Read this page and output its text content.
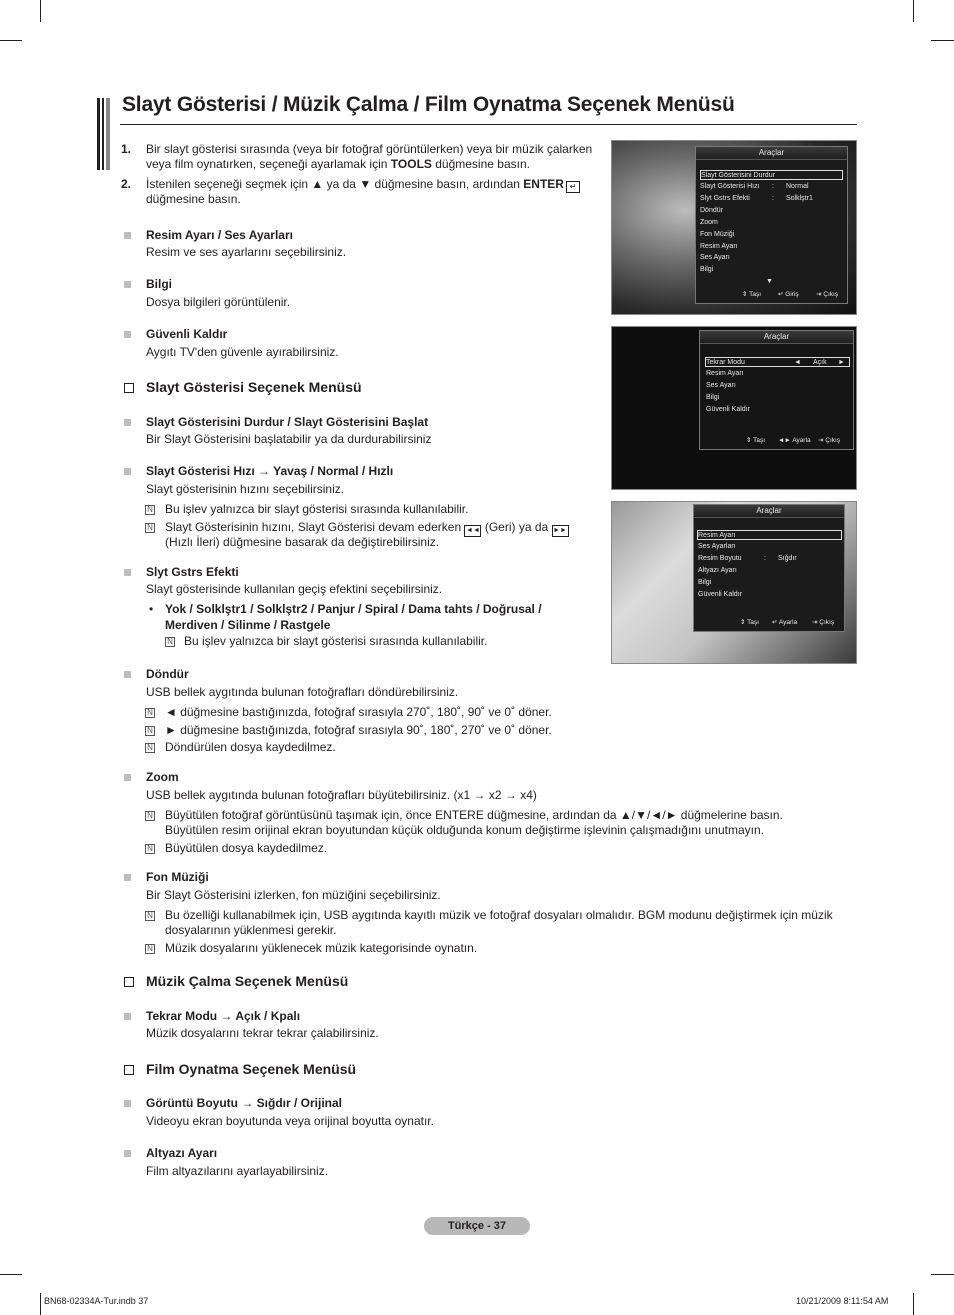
Slayt Gösterisi / Müzik Çalma / Film Oynatma Seçenek Menüsü
1. Bir slayt gösterisi sırasında (veya bir fotoğraf görüntülerken) veya bir müzik çalarken
veya film oynatırken, seçeneği ayarlamak için TOOLS düğmesine basın.
2. İstenilen seçeneği seçmek için ▲ ya da ▼ düğmesine basın, ardından ENTER ↵
düğmesine basın.
Resim Ayarı / Ses Ayarları
Resim ve ses ayarlarını seçebilirsiniz.
Bilgi
Dosya bilgileri görüntülenir.
Güvenli Kaldır
Aygıtı TV'den güvenle ayırabilirsiniz.
Slayt Gösterisi Seçenek Menüsü
Slayt Gösterisini Durdur / Slayt Gösterisini Başlat
Bir Slayt Gösterisini başlatabilir ya da durdurabilirsiniz
Slayt Gösterisi Hızı → Yavaş / Normal / Hızlı
Slayt gösterisinin hızını seçebilirsiniz.
N Bu işlev yalnızca bir slayt gösterisi sırasında kullanılabilir.
N Slayt Gösterisinin hızını, Slayt Gösterisi devam ederken ◄◄ (Geri) ya da ►►
(Hızlı İleri) düğmesine basarak da değiştirebilirsiniz.
Slyt Gstrs Efekti
Slayt gösterisinde kullanılan geçiş efektini seçebilirsiniz.
• Yok / Solklştr1 / Solklştr2 / Panjur / Spiral / Dama tahts / Doğrusal /
Merdiven / Silinme / Rastgele
N Bu işlev yalnızca bir slayt gösterisi sırasında kullanılabilir.
Döndür
USB bellek aygıtında bulunan fotoğrafları döndürebilirsiniz.
N ◄ düğmesine bastığınızda, fotoğraf sırasıyla 270˚, 180˚, 90˚ ve 0˚ döner.
N ► düğmesine bastığınızda, fotoğraf sırasıyla 90˚, 180˚, 270˚ ve 0˚ döner.
N Döndürülen dosya kaydedilmez.
Zoom
USB bellek aygıtında bulunan fotoğrafları büyütebilirsiniz. (x1 → x2 → x4)
N Büyütülen fotoğraf görüntüsünü taşımak için, önce ENTERE düğmesine, ardından da ▲/▼/◄/► düğmelerine basın.
Büyütülen resim orijinal ekran boyutundan küçük olduğunda konum değiştirme işlevinin çalışmadığını unutmayın.
N Büyütülen dosya kaydedilmez.
Fon Müziği
Bir Slayt Gösterisini izlerken, fon müziğini seçebilirsiniz.
N Bu özelliği kullanabilmek için, USB aygıtında kayıtlı müzik ve fotoğraf dosyaları olmalıdır. BGM modunu değiştirmek için müzik
dosyalarının yüklenmesi gerekir.
N Müzik dosyalarını yüklenecek müzik kategorisinde oynatın.
Müzik Çalma Seçenek Menüsü
Tekrar Modu → Açık / Kpalı
Müzik dosyalarını tekrar tekrar çalabilirsiniz.
Film Oynatma Seçenek Menüsü
Görüntü Boyutu → Sığdır / Orijinal
Videoyu ekran boyutunda veya orijinal boyutta oynatır.
Altyazı Ayarı
Film altyazılarını ayarlayabilirsiniz.
Araçlar
Slayt Gösterisini Durdur
Slayt Gösterisi Hızı : Normal
Slyt Gstrs Efekti	: Solklştr1
Döndür
Zoom
Fon Müziği
Resim Ayarı
Ses Ayarı
Bilgi
▼
⇕ Taşı	↵ Giriş	⇥ Çıkış
Araçlar
Tekrar Modu	◄ Açık ►
Resim Ayarı
Ses Ayarı
Bilgi
Güvenli Kaldır
⇕ Taşı ◄► Ayarla ⇥ Çıkış
Araçlar
Resim Ayarı
Ses Ayarları
Resim Boyutu	: Sığdır
Altyazı Ayarı
Bilgi
Güvenli Kaldır
⇕ Taşı ↵ Ayarla ⇥ Çıkış
Türkçe - 37
BN68-02334A-Tur.indb 37	10/21/2009 8:11:54 AM
